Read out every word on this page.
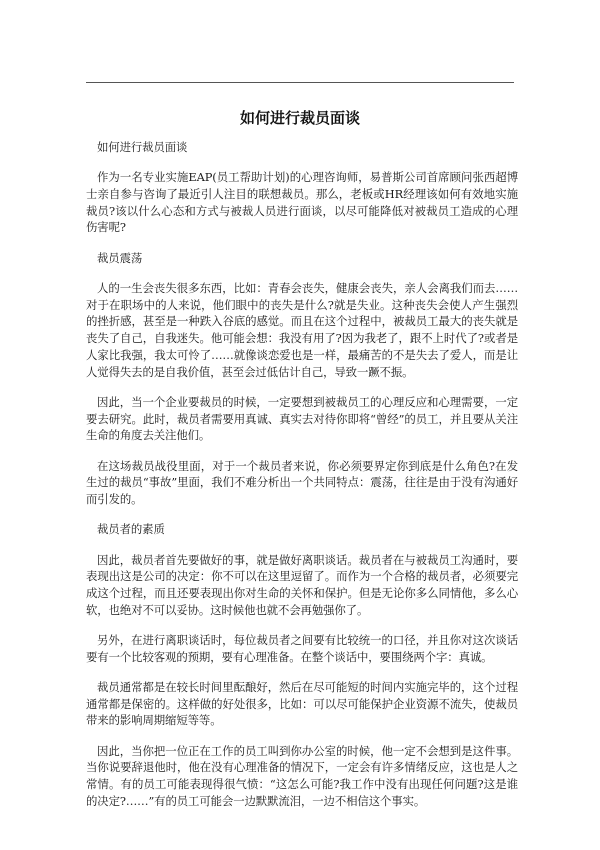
如何进行裁员面谈

如何进行裁员面谈

作为一名专业实施EAP(员工帮助计划)的心理咨询师，易普斯公司首席顾问张西超博士亲自参与咨询了最近引人注目的联想裁员。那么，老板或HR经理该如何有效地实施裁员?该以什么心态和方式与被裁人员进行面谈，以尽可能降低对被裁员工造成的心理伤害呢?

裁员震荡

人的一生会丧失很多东西，比如：青春会丧失，健康会丧失，亲人会离我们而去……对于在职场中的人来说，他们眼中的丧失是什么?就是失业。这种丧失会使人产生强烈的挫折感，甚至是一种跌入谷底的感觉。而且在这个过程中，被裁员工最大的丧失就是丧失了自己，自我迷失。他可能会想：我没有用了?因为我老了，跟不上时代了?或者是人家比我强，我太可怜了……就像谈恋爱也是一样，最痛苦的不是失去了爱人，而是让人觉得失去的是自我价值，甚至会过低估计自己，导致一蹶不振。

因此，当一个企业要裁员的时候，一定要想到被裁员工的心理反应和心理需要，一定要去研究。此时，裁员者需要用真诚、真实去对待你即将“曾经”的员工，并且要从关注生命的角度去关注他们。

在这场裁员战役里面，对于一个裁员者来说，你必须要界定你到底是什么角色?在发生过的裁员“事故”里面，我们不难分析出一个共同特点：震荡，往往是由于没有沟通好而引发的。

裁员者的素质

因此，裁员者首先要做好的事，就是做好离职谈话。裁员者在与被裁员工沟通时，要表现出这是公司的决定：你不可以在这里逗留了。而作为一个合格的裁员者，必须要完成这个过程，而且还要表现出你对生命的关怀和保护。但是无论你多么同情他，多么心软，也绝对不可以妥协。这时候他也就不会再勉强你了。

另外，在进行离职谈话时，每位裁员者之间要有比较统一的口径，并且你对这次谈话要有一个比较客观的预期，要有心理准备。在整个谈话中，要围绕两个字：真诚。

裁员通常都是在较长时间里酝酿好，然后在尽可能短的时间内实施完毕的，这个过程通常都是保密的。这样做的好处很多，比如：可以尽可能保护企业资源不流失，使裁员带来的影响周期缩短等等。

因此，当你把一位正在工作的员工叫到你办公室的时候，他一定不会想到是这件事。当你说要辞退他时，他在没有心理准备的情况下，一定会有许多情绪反应，这也是人之常情。有的员工可能表现得很气愤：“这怎么可能?我工作中没有出现任何问题?这是谁的决定?……”有的员工可能会一边默默流泪，一边不相信这个事实。
